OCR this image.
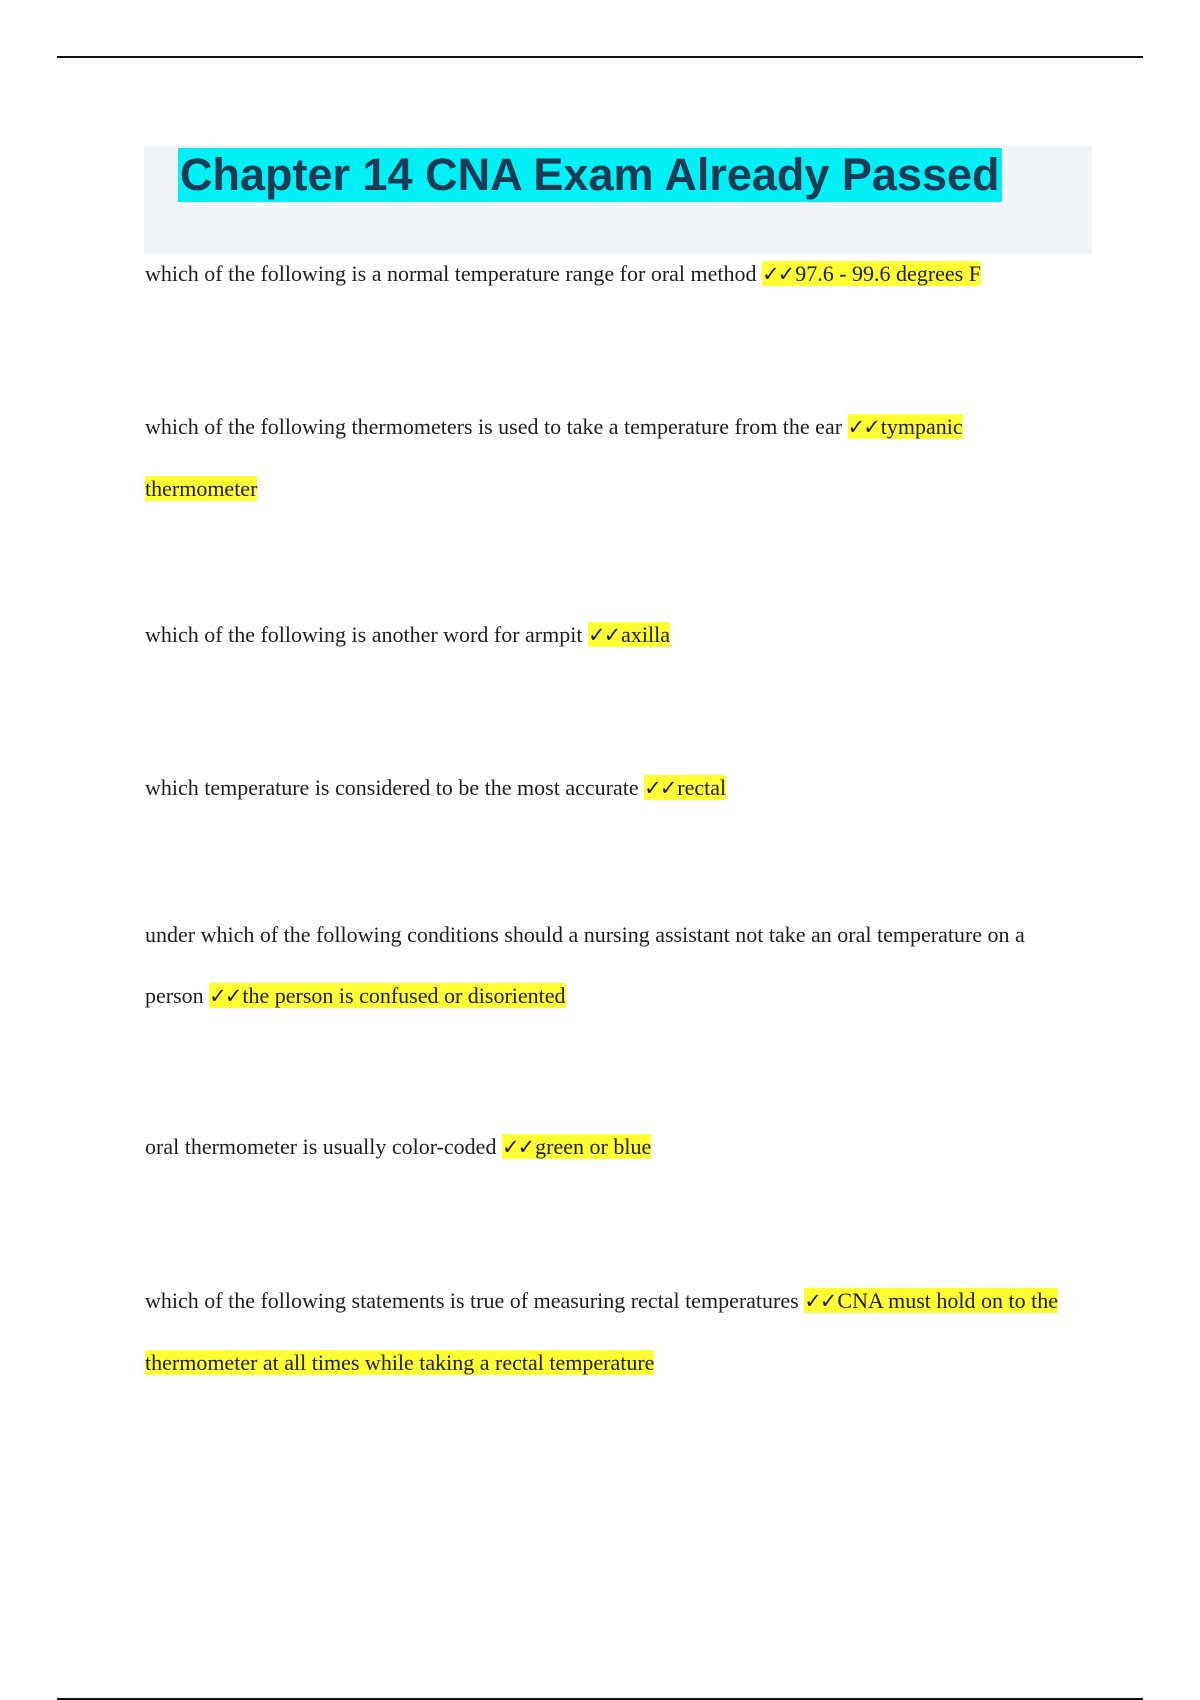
Chapter 14 CNA Exam Already Passed

which of the following is a normal temperature range for oral method ✓✓97.6 - 99.6 degrees F

which of the following thermometers is used to take a temperature from the ear ✓✓tympanic thermometer

which of the following is another word for armpit ✓✓axilla

which temperature is considered to be the most accurate ✓✓rectal

under which of the following conditions should a nursing assistant not take an oral temperature on a person ✓✓the person is confused or disoriented

oral thermometer is usually color-coded ✓✓green or blue

which of the following statements is true of measuring rectal temperatures ✓✓CNA must hold on to the thermometer at all times while taking a rectal temperature
